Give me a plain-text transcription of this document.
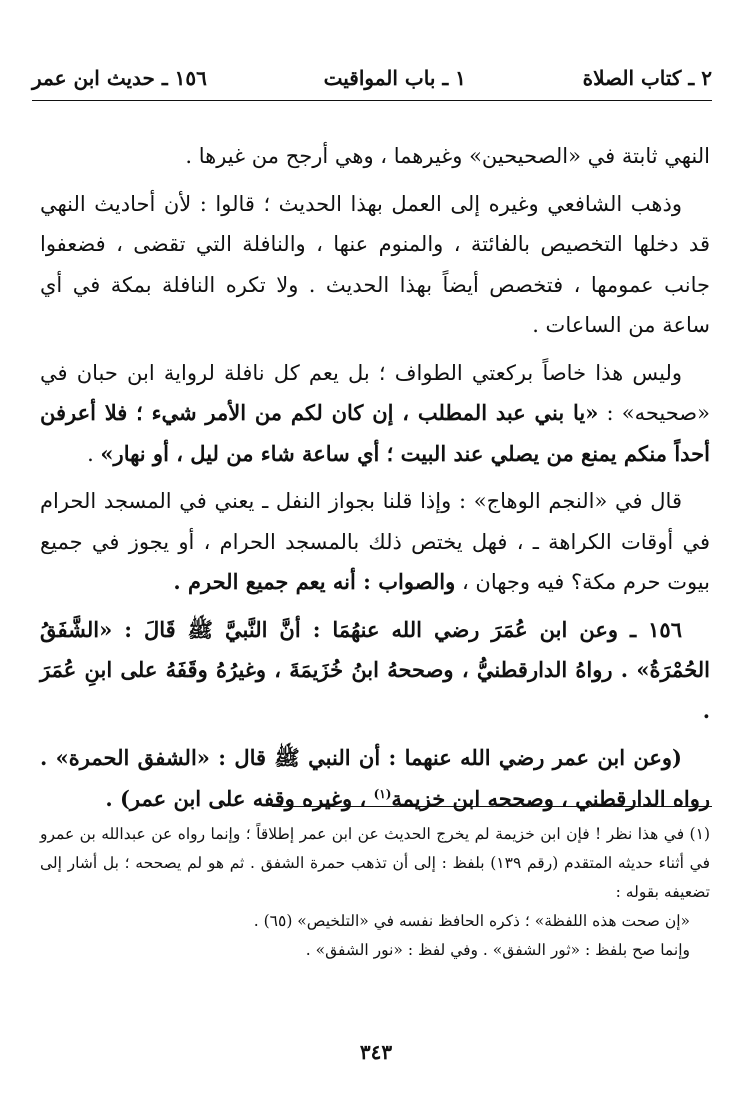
٢ ـ كتاب الصلاة
١ ـ باب المواقيت
١٥٦ ـ حديث ابن عمر

النهي ثابتة في «الصحيحين» وغيرهما ، وهي أرجح من غيرها .

وذهب الشافعي وغيره إلى العمل بهذا الحديث ؛ قالوا : لأن أحاديث النهي قد دخلها التخصيص بالفائتة ، والمنوم عنها ، والنافلة التي تقضى ، فضعفوا جانب عمومها ، فتخصص أيضاً بهذا الحديث . ولا تكره النافلة بمكة في أي ساعة من الساعات .

وليس هذا خاصاً بركعتي الطواف ؛ بل يعم كل نافلة لرواية ابن حبان في «صحيحه» : «يا بني عبد المطلب ، إن كان لكم من الأمر شيء ؛ فلا أعرفن أحداً منكم يمنع من يصلي عند البيت ؛ أي ساعة شاء من ليل ، أو نهار» .

قال في «النجم الوهاج» : وإذا قلنا بجواز النفل ـ يعني في المسجد الحرام في أوقات الكراهة ـ ، فهل يختص ذلك بالمسجد الحرام ، أو يجوز في جميع بيوت حرم مكة؟ فيه وجهان ، والصواب : أنه يعم جميع الحرم .

١٥٦ ـ وعن ابن عُمَرَ رضي الله عنهُمَا : أنَّ النَّبيَّ ﷺ قَالَ : «الشَّفَقُ الحُمْرَةُ» . رواهُ الدارقطنيُّ ، وصححهُ ابنُ خُزَيمَةَ ، وغيرُهُ وقَفَهُ على ابنِ عُمَرَ .

(وعن ابن عمر رضي الله عنهما : أن النبي ﷺ قال : «الشفق الحمرة» . رواه الدارقطني ، وصححه ابن خزيمة$^{(١)}$ ، وغيره وقفه على ابن عمر) .

(١) في هذا نظر ! فإن ابن خزيمة لم يخرج الحديث عن ابن عمر إطلاقاً ؛ وإنما رواه عن عبدالله بن عمرو في أثناء حديثه المتقدم (رقم ١٣٩) بلفظ : إلى أن تذهب حمرة الشفق . ثم هو لم يصححه ؛ بل أشار إلى تضعيفه بقوله :

«إن صحت هذه اللفظة» ؛ ذكره الحافظ نفسه في «التلخيص» (٦٥) .

وإنما صح بلفظ : «ثور الشفق» . وفي لفظ : «نور الشفق» .

٣٤٣
